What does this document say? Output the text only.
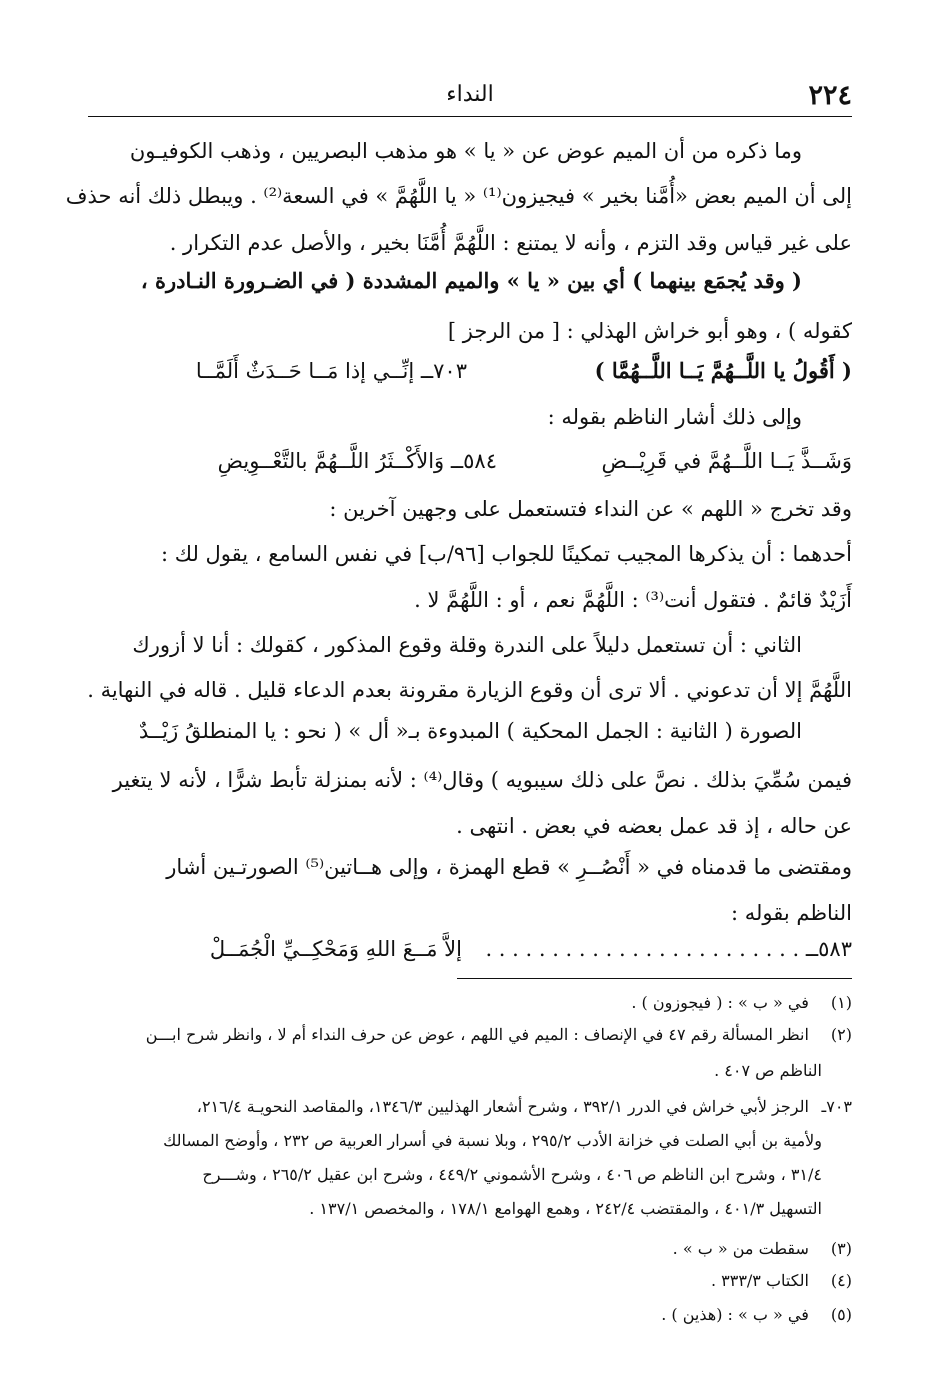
٢٢٤
النداء
وما ذكره من أن الميم عوض عن « يا » هو مذهب البصريين ، وذهب الكوفيـون
إلى أن الميم بعض «أُمَّنا بخير » فيجيزون⁽¹⁾ « يا اللَّهُمَّ » في السعة⁽²⁾ . ويبطل ذلك أنه حذف
على غير قياس وقد التزم ، وأنه لا يمتنع : اللَّهُمَّ أُمَّنَا بخير ، والأصل عدم التكرار .
( وقد يُجمَع بينهما ) أي بين « يا » والميم المشددة ( في الضـرورة النـادرة ،
كقوله ) ، وهو أبو خراش الهذلي : [ من الرجز ]
٧٠٣ــ إنِّــي إذا مَــا حَــدَثٌ أَلَمَّــا	( أَقُولُ يا اللَّــهُمَّ يَــا اللَّــهُمَّا )
وإلى ذلك أشار الناظم بقوله :
٥٨٤ــ وَالأَكْــثَرُ اللَّــهُمَّ بالتَّعْــوِيضِ	وَشَــذَّ يَــا اللَّــهُمَّ في قَرِيْــضِ
وقد تخرج « اللهم » عن النداء فتستعمل على وجهين آخرين :
أحدهما : أن يذكرها المجيب تمكينًا للجواب [٩٦/ب] في نفس السامع ، يقول لك :
أَزَيْدٌ قائمٌ . فتقول أنت⁽³⁾ : اللَّهُمَّ نعم ، أو : اللَّهُمَّ لا .
الثاني : أن تستعمل دليلاً على الندرة وقلة وقوع المذكور ، كقولك : أنا لا أزورك
اللَّهُمَّ إلا أن تدعوني . ألا ترى أن وقوع الزيارة مقرونة بعدم الدعاء قليل . قاله في النهاية .
الصورة ( الثانية : الجمل المحكية ) المبدوءة بـ« أل » ( نحو : يا المنطلقُ زَيْــدٌ
فيمن سُمِّيَ بذلك . نصَّ على ذلك سيبويه ) وقال⁽⁴⁾ : لأنه بمنزلة تأبط شرًّا ، لأنه لا يتغير
عن حاله ، إذ قد عمل بعضه في بعض . انتهى .
ومقتضى ما قدمناه في « أَنْصُــرِ » قطع الهمزة ، وإلى هــاتين⁽⁵⁾ الصورتـين أشار
الناظم بقوله :
٥٨٣ــ . . . . . . . . . . . . . . . . . . . . . . . .
إلاَّ مَــعَ اللهِ وَمَحْكِــيِّ الْجُمَــلْ
(١) في « ب » : ( فيجوزون ) .
(٢) انظر المسألة رقم ٤٧ في الإنصاف : الميم في اللهم ، عوض عن حرف النداء أم لا ، وانظر شرح ابـــن
الناظم ص ٤٠٧ .
٧٠٣ـ الرجز لأبي خراش في الدرر ٣٩٢/١ ، وشرح أشعار الهذليين ١٣٤٦/٣، والمقاصد النحويـة ٢١٦/٤،
ولأمية بن أبي الصلت في خزانة الأدب ٢٩٥/٢ ، وبلا نسبة في أسرار العربية ص ٢٣٢ ، وأوضح المسالك
٣١/٤ ، وشرح ابن الناظم ص ٤٠٦ ، وشرح الأشموني ٤٤٩/٢ ، وشرح ابن عقيل ٢٦٥/٢ ، وشـــرح
التسهيل ٤٠١/٣ ، والمقتضب ٢٤٢/٤ ، وهمع الهوامع ١٧٨/١ ، والمخصص ١٣٧/١ .
(٣) سقطت من « ب » .
(٤) الكتاب ٣٣٣/٣ .
(٥) في « ب » : (هذين ) .
